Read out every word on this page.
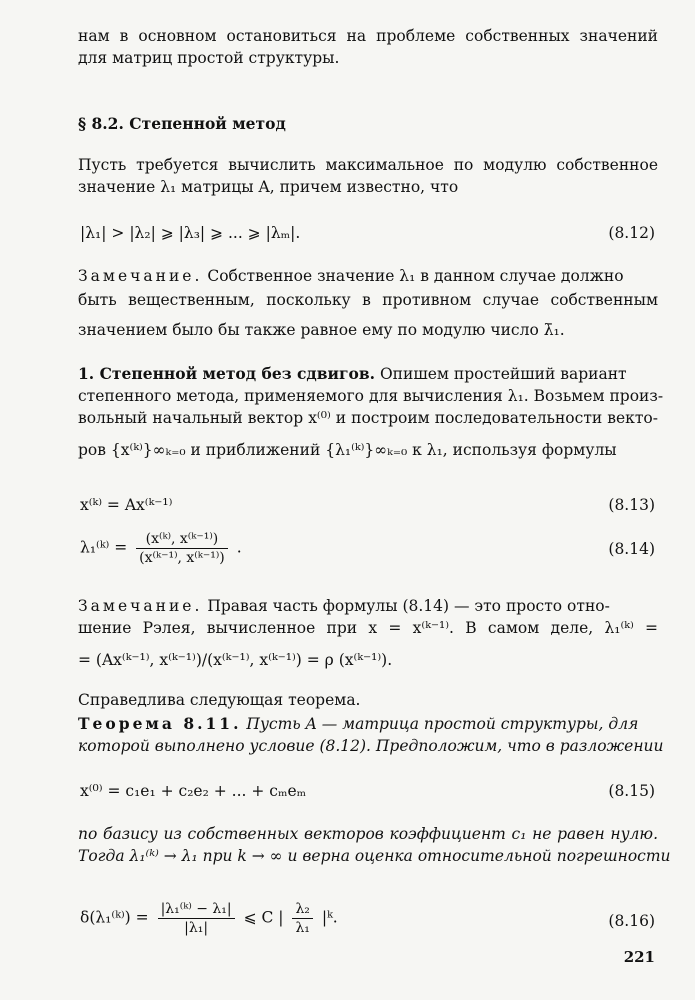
нам в основном остановиться на проблеме собственных значений
для матриц простой структуры.
§ 8.2. Степенной метод
Пусть требуется вычислить максимальное по модулю собственное
значение λ₁ матрицы A, причем известно, что
|λ₁| > |λ₂| ⩾ |λ₃| ⩾ ... ⩾ |λₘ|.	(8.12)
Замечание. Собственное значение λ₁ в данном случае должно
быть вещественным, поскольку в противном случае собственным
значением было бы также равное ему по модулю число λ̄₁.
1. Степенной метод без сдвигов. Опишем простейший вариант
степенного метода, применяемого для вычисления λ₁. Возьмем произ-
вольный начальный вектор x⁽⁰⁾ и построим последовательности векто-
ров {x⁽ᵏ⁾}∞ₖ₌₀ и приближений {λ₁⁽ᵏ⁾}∞ₖ₌₀ к λ₁, используя формулы
x⁽ᵏ⁾ = Ax⁽ᵏ⁻¹⁾	(8.13)
λ₁⁽ᵏ⁾ = $\frac{\text{(x⁽ᵏ⁾, x⁽ᵏ⁻¹⁾)}}{\text{(x⁽ᵏ⁻¹⁾, x⁽ᵏ⁻¹⁾)}}$ .	(8.14)
Замечание. Правая часть формулы (8.14) — это просто отно-
шение Рэлея, вычисленное при x = x⁽ᵏ⁻¹⁾. В самом деле, λ₁⁽ᵏ⁾ =
= (Ax⁽ᵏ⁻¹⁾, x⁽ᵏ⁻¹⁾)/(x⁽ᵏ⁻¹⁾, x⁽ᵏ⁻¹⁾) = ρ (x⁽ᵏ⁻¹⁾).
Справедлива следующая теорема.
Теорема 8.11. Пусть A — матрица простой структуры, для
которой выполнено условие (8.12). Предположим, что в разложении
x⁽⁰⁾ = c₁e₁ + c₂e₂ + ... + cₘeₘ	(8.15)
по базису из собственных векторов коэффициент c₁ не равен нулю.
Тогда λ₁⁽ᵏ⁾ → λ₁ при k → ∞ и верна оценка относительной погрешности
δ(λ₁⁽ᵏ⁾) = $\frac{\text{|λ₁⁽ᵏ⁾ − λ₁|}}{\text{|λ₁|}}$ ⩽ C | $\frac{\text{λ₂}}{\text{λ₁}}$ |ᵏ.	(8.16)
221
